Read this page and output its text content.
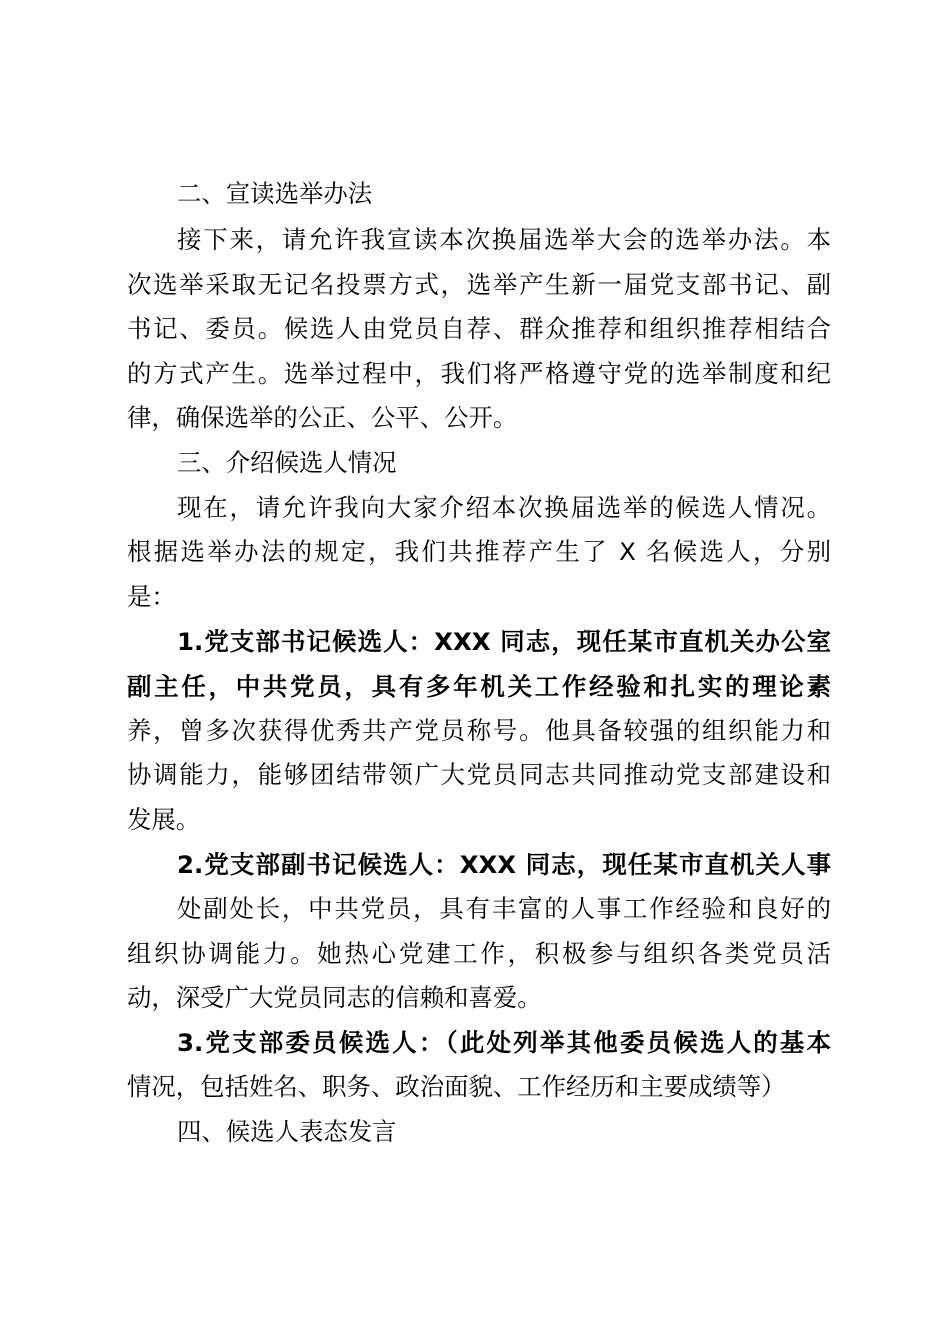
二、宣读选举办法
接下来，请允许我宣读本次换届选举大会的选举办法。本
次选举采取无记名投票方式，选举产生新一届党支部书记、副
书记、委员。候选人由党员自荐、群众推荐和组织推荐相结合
的方式产生。选举过程中，我们将严格遵守党的选举制度和纪
律，确保选举的公正、公平、公开。
三、介绍候选人情况
现在，请允许我向大家介绍本次换届选举的候选人情况。
根据选举办法的规定，我们共推荐产生了 X 名候选人，分别
是：
1.党支部书记候选人：XXX 同志，现任某市直机关办公室
副主任，中共党员，具有多年机关工作经验和扎实的理论素
养，曾多次获得优秀共产党员称号。他具备较强的组织能力和
协调能力，能够团结带领广大党员同志共同推动党支部建设和
发展。
2.党支部副书记候选人：XXX 同志，现任某市直机关人事
处副处长，中共党员，具有丰富的人事工作经验和良好的
组织协调能力。她热心党建工作，积极参与组织各类党员活
动，深受广大党员同志的信赖和喜爱。
3.党支部委员候选人：（此处列举其他委员候选人的基本
情况，包括姓名、职务、政治面貌、工作经历和主要成绩等）
四、候选人表态发言
